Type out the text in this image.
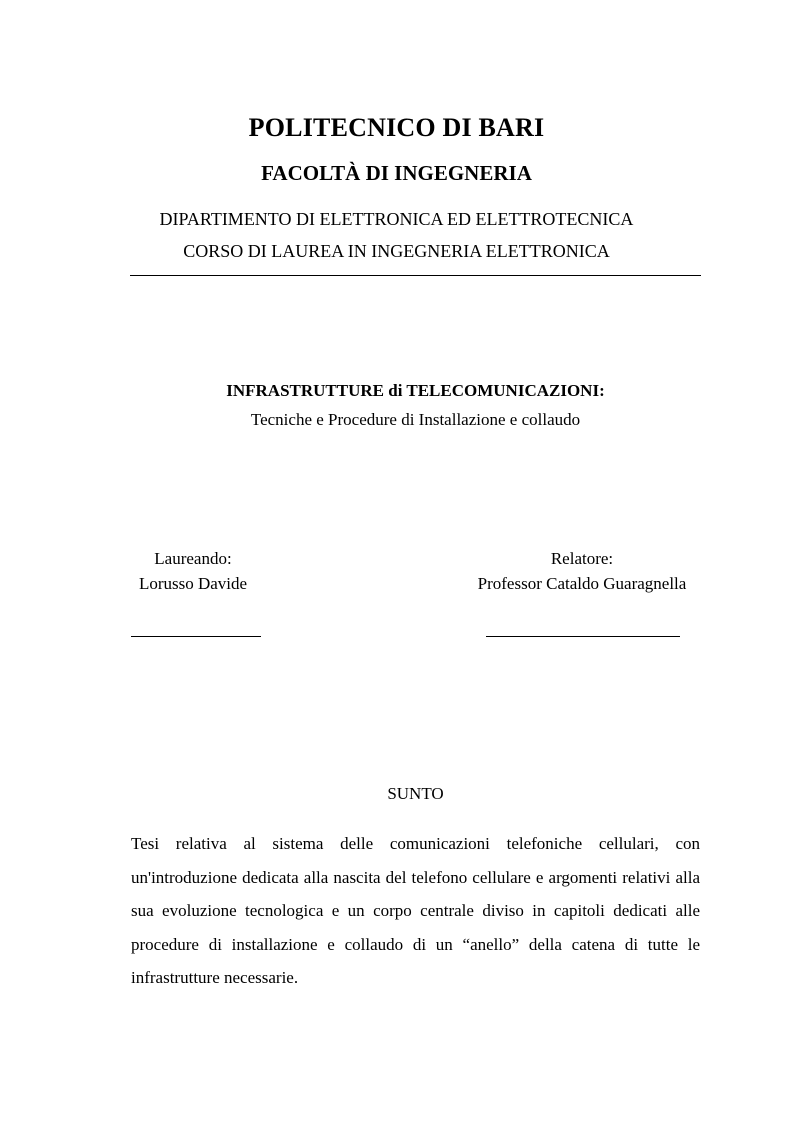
POLITECNICO DI BARI
FACOLTÀ DI INGEGNERIA
DIPARTIMENTO DI ELETTRONICA ED ELETTROTECNICA
CORSO DI LAUREA IN INGEGNERIA ELETTRONICA
INFRASTRUTTURE di TELECOMUNICAZIONI:
Tecniche e Procedure di Installazione e collaudo
Laureando:
Lorusso Davide
Relatore:
Professor Cataldo Guaragnella
SUNTO
Tesi relativa al sistema delle comunicazioni telefoniche cellulari, con un'introduzione dedicata alla nascita del telefono cellulare e argomenti relativi alla sua evoluzione tecnologica e un corpo centrale diviso in capitoli dedicati alle procedure di installazione e collaudo di un “anello” della catena di tutte le infrastrutture necessarie.
